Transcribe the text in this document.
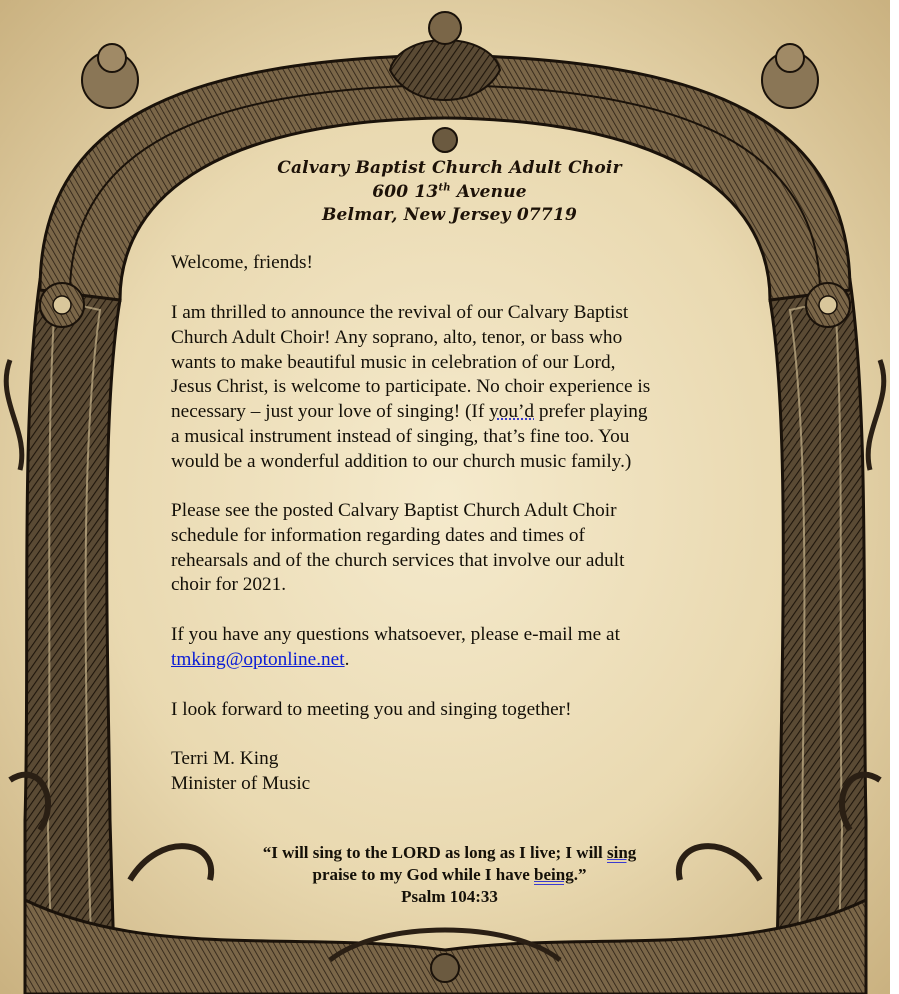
Calvary Baptist Church Adult Choir
600 13th Avenue
Belmar, New Jersey 07719

Welcome, friends!

I am thrilled to announce the revival of our Calvary Baptist
Church Adult Choir! Any soprano, alto, tenor, or bass who
wants to make beautiful music in celebration of our Lord,
Jesus Christ, is welcome to participate. No choir experience is
necessary – just your love of singing! (If you’d prefer playing
a musical instrument instead of singing, that’s fine too. You
would be a wonderful addition to our church music family.)
Please see the posted Calvary Baptist Church Adult Choir
schedule for information regarding dates and times of
rehearsals and of the church services that involve our adult
choir for 2021.
If you have any questions whatsoever, please e-mail me at
tmking@optonline.net.

I look forward to meeting you and singing together!

Terri M. King
Minister of Music
“I will sing to the LORD as long as I live; I will sing
praise to my God while I have being.”
Psalm 104:33
